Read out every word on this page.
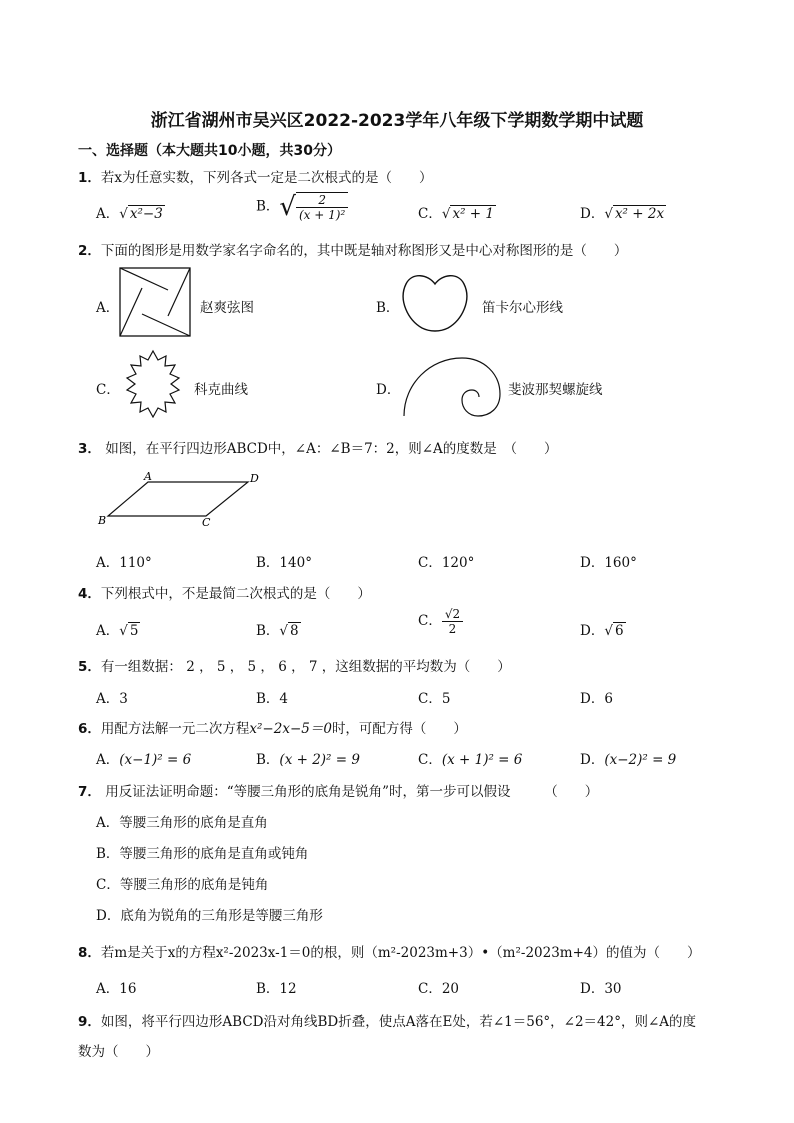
浙江省湖州市吴兴区2022-2023学年八年级下学期数学期中试题
一、选择题（本大题共10小题，共30分）
1．若x为任意实数，下列各式一定是二次根式的是（　　）
A．√ x²−3	B．√ $\frac{2}{\text{(x + 1)²}}$	C．√ x² + 1	D．√ x² + 2x
2．下面的图形是用数学家名字命名的，其中既是轴对称图形又是中心对称图形的是（　　）
A．	赵爽弦图	B．	笛卡尔心形线
C．	科克曲线	D．	斐波那契螺旋线
3． 如图，在平行四边形ABCD中，∠A：∠B＝7：2，则∠A的度数是　（　　）
A	D
B	C
A．110°	B．140°	C．120°	D．160°
4．下列根式中，不是最简二次根式的是（　　）
A．√ 5	B．√ 8
C． $\frac{√2}{2}$	D．√ 6
5．有一组数据： 2 ， 5 ， 5 ， 6 ， 7 ，这组数据的平均数为（　　）
A．3	B．4	C．5	D．6
6．用配方法解一元二次方程x²−2x−5＝0时，可配方得（　　）
A．(x−1)² = 6	B．(x + 2)² = 9	C．(x + 1)² = 6	D．(x−2)² = 9
7． 用反证法证明命题：“等腰三角形的底角是锐角”时，第一步可以假设　　　（　　）
A．等腰三角形的底角是直角
B．等腰三角形的底角是直角或钝角
C．等腰三角形的底角是钝角
D．底角为锐角的三角形是等腰三角形
8．若m是关于x的方程x²-2023x-1＝0的根，则（m²-2023m+3）•（m²-2023m+4）的值为（　　）
A．16	B．12	C．20	D．30
9．如图，将平行四边形ABCD沿对角线BD折叠，使点A落在E处，若∠1＝56°，∠2＝42°，则∠A的度
数为（　　）
